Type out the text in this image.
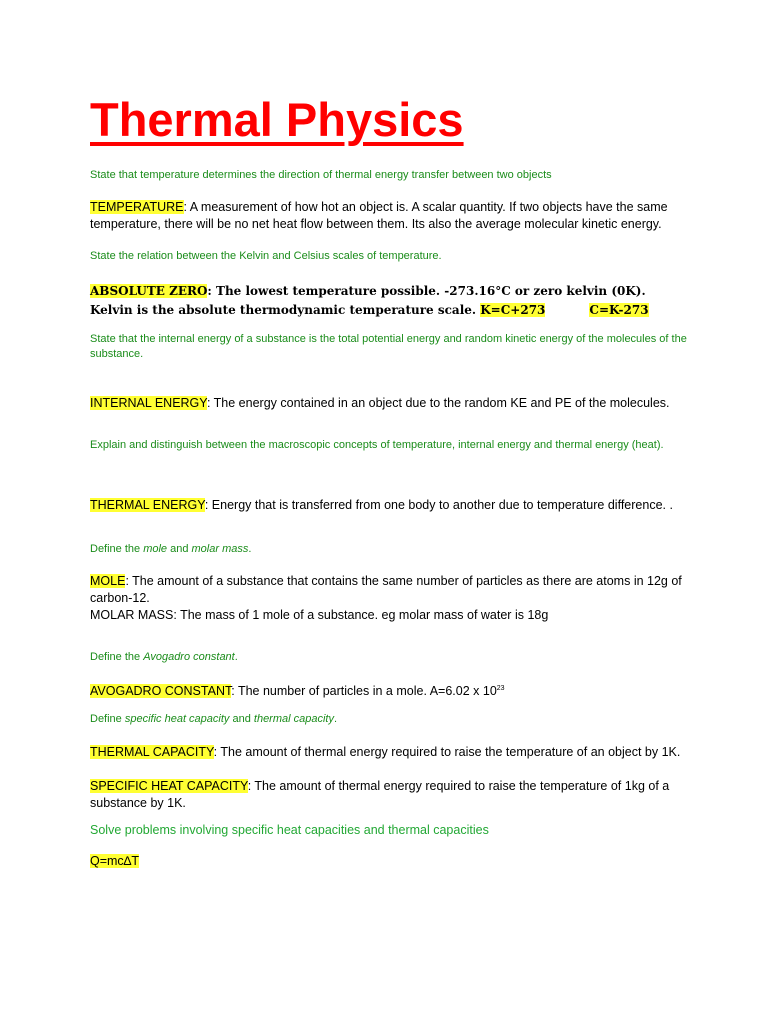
Thermal Physics
State that temperature determines the direction of thermal energy transfer between two objects
TEMPERATURE: A measurement of how hot an object is. A scalar quantity. If two objects have the same temperature, there will be no net heat flow between them. Its also the average molecular kinetic energy.
State the relation between the Kelvin and Celsius scales of temperature.
ABSOLUTE ZERO: The lowest temperature possible. -273.16°C or zero kelvin (0K). Kelvin is the absolute thermodynamic temperature scale. K=C+273	C=K-273
State that the internal energy of a substance is the total potential energy and random kinetic energy of the molecules of the substance.
INTERNAL ENERGY: The energy contained in an object due to the random KE and PE of the molecules.
Explain and distinguish between the macroscopic concepts of temperature, internal energy and thermal energy (heat).
THERMAL ENERGY: Energy that is transferred from one body to another due to temperature difference. .
Define the mole and molar mass.
MOLE: The amount of a substance that contains the same number of particles as there are atoms in 12g of carbon-12.
MOLAR MASS: The mass of 1 mole of a substance. eg molar mass of water is 18g
Define the Avogadro constant.
AVOGADRO CONSTANT: The number of particles in a mole. A=6.02 x $10^{23}$
Define specific heat capacity and thermal capacity.
THERMAL CAPACITY: The amount of thermal energy required to raise the temperature of an object by 1K.
SPECIFIC HEAT CAPACITY: The amount of thermal energy required to raise the temperature of 1kg of a substance by 1K.
Solve problems involving specific heat capacities and thermal capacities
Q=mc∆T
